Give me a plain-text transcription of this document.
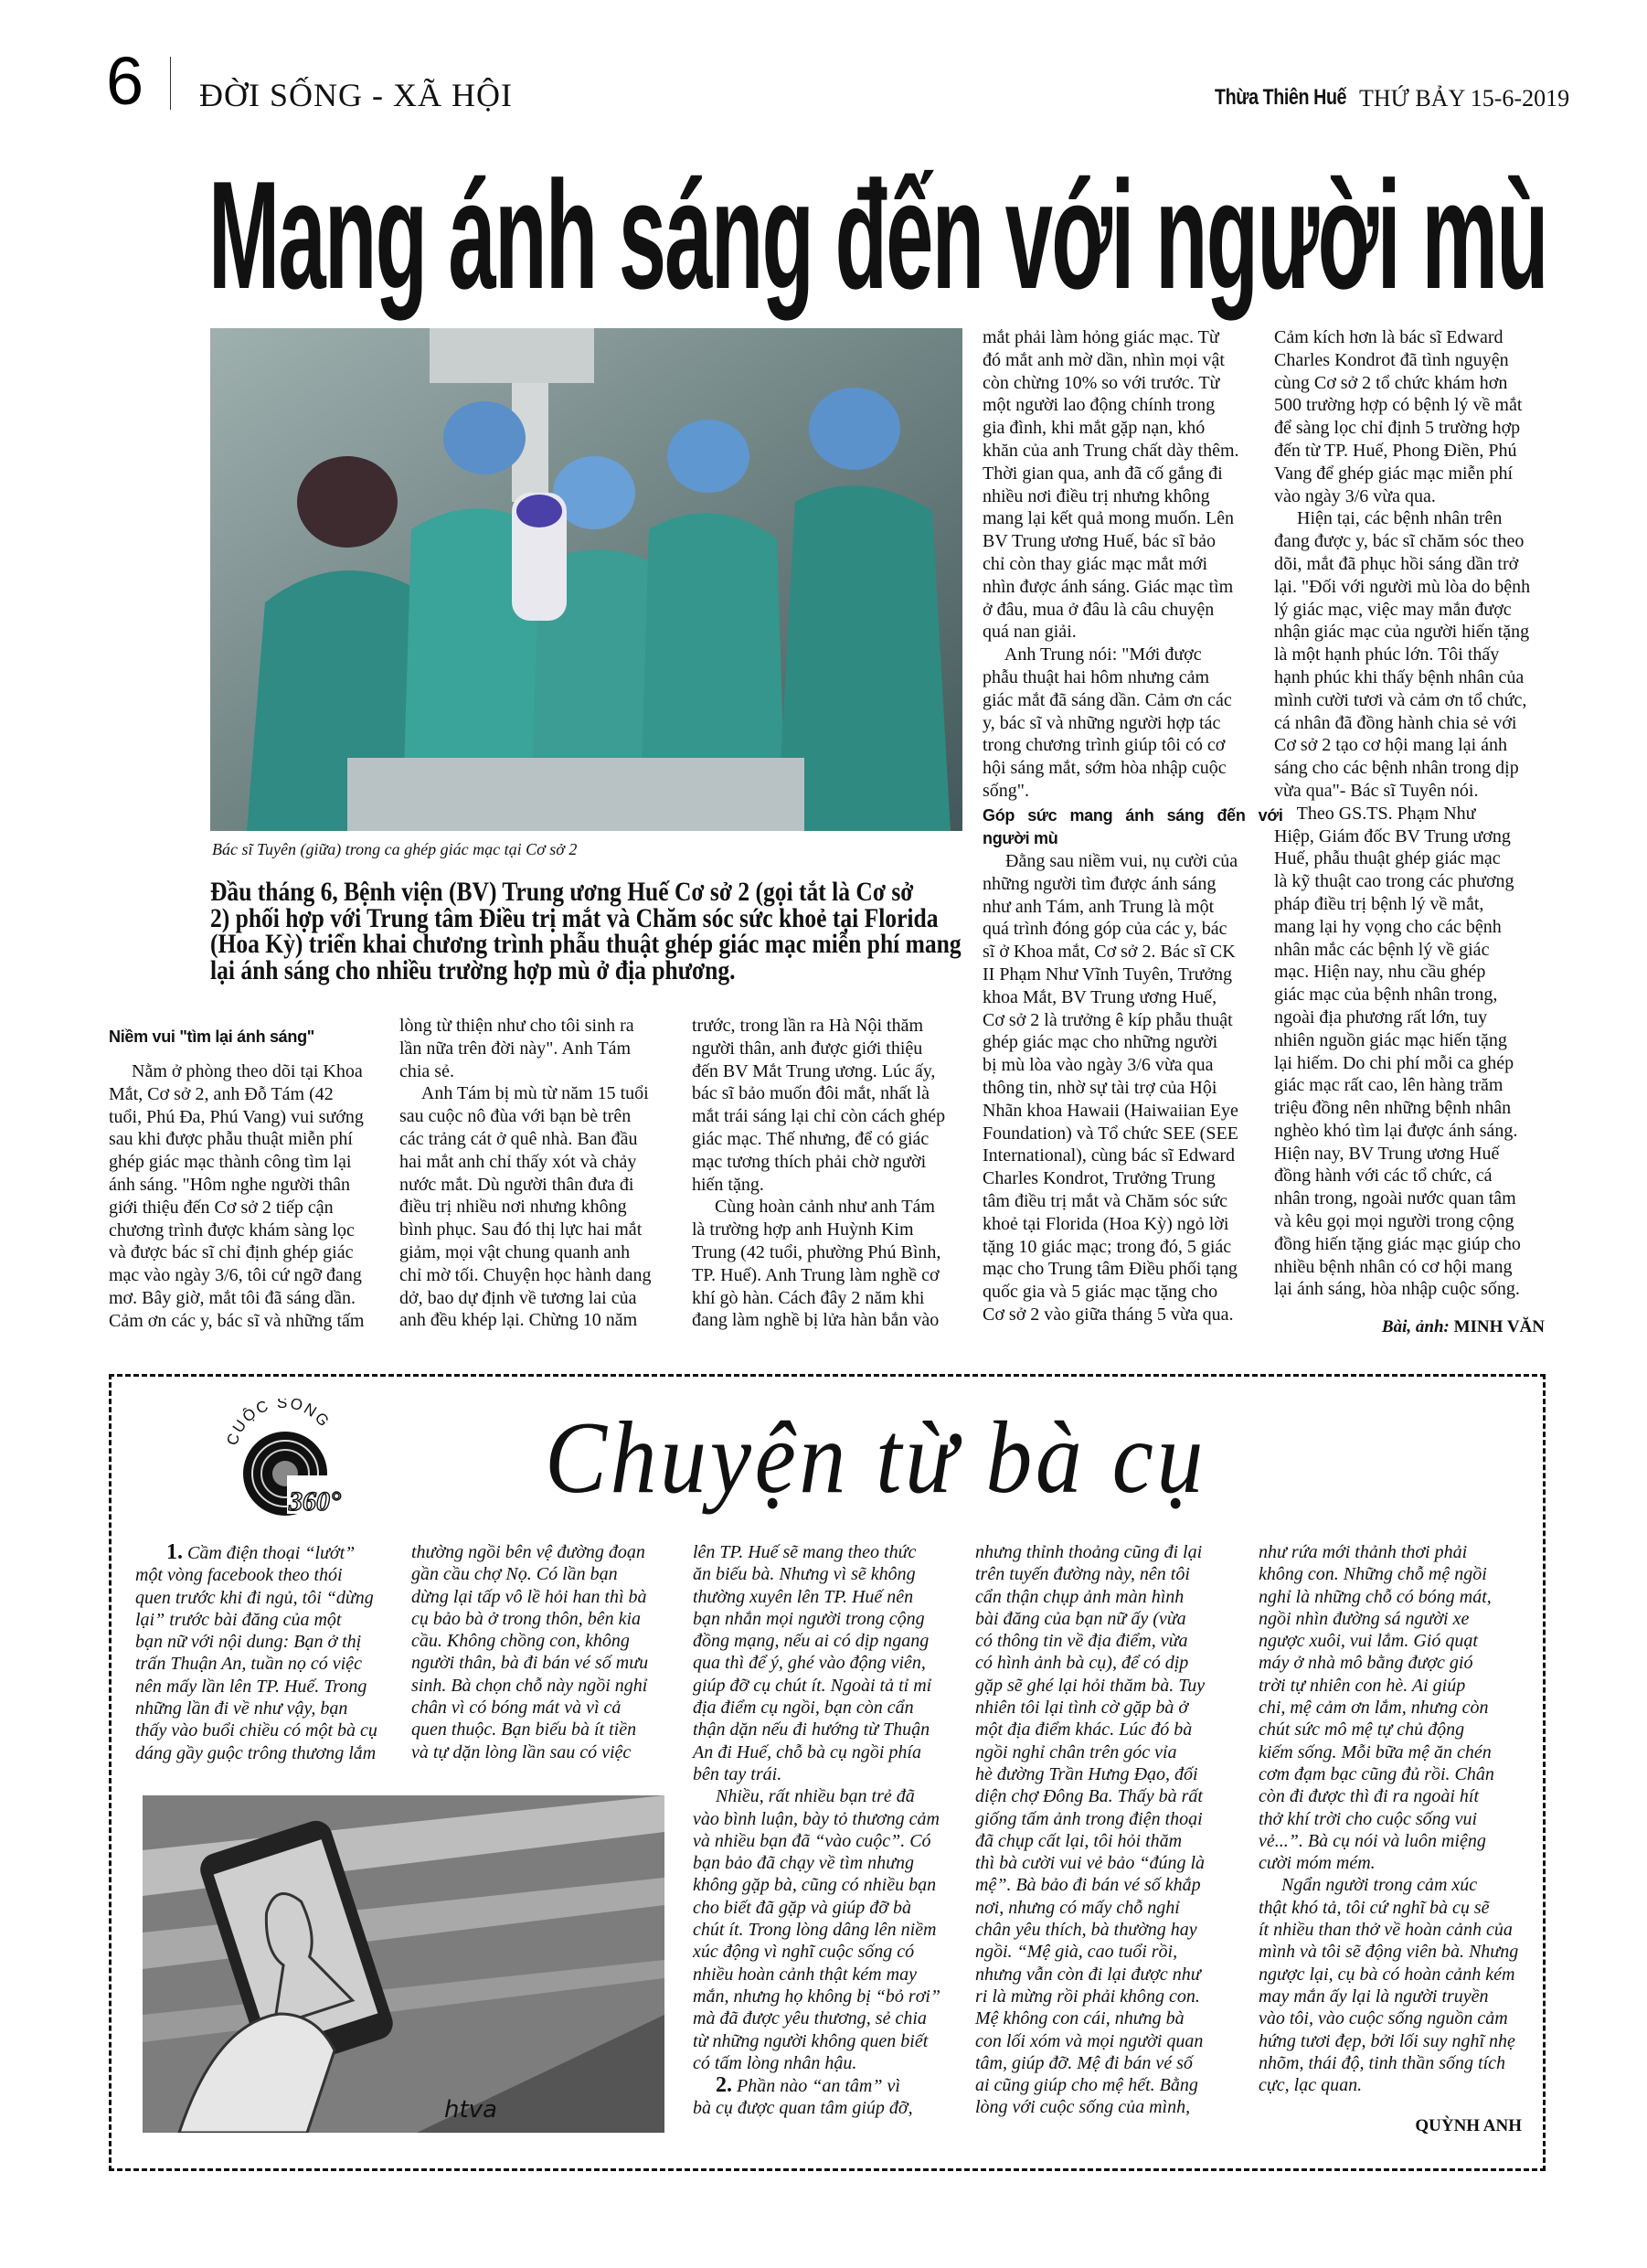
6 ĐỜI SỐNG - XÃ HỘI	Thừa Thiên Huế THỨ BẢY 15-6-2019
Mang ánh sáng đến với người mù
Bác sĩ Tuyên (giữa) trong ca ghép giác mạc tại Cơ sở 2
Đầu tháng 6, Bệnh viện (BV) Trung ương Huế Cơ sở 2 (gọi tắt là Cơ sở
2) phối hợp với Trung tâm Điều trị mắt và Chăm sóc sức khoẻ tại Florida
(Hoa Kỳ) triển khai chương trình phẫu thuật ghép giác mạc miễn phí mang
lại ánh sáng cho nhiều trường hợp mù ở địa phương.
Niềm vui "tìm lại ánh sáng"
Nằm ở phòng theo dõi tại Khoa
Mắt, Cơ sở 2, anh Đỗ Tám (42
tuổi, Phú Đa, Phú Vang) vui sướng
sau khi được phẫu thuật miễn phí
ghép giác mạc thành công tìm lại
ánh sáng. "Hôm nghe người thân
giới thiệu đến Cơ sở 2 tiếp cận
chương trình được khám sàng lọc
và được bác sĩ chỉ định ghép giác
mạc vào ngày 3/6, tôi cứ ngỡ đang
mơ. Bây giờ, mắt tôi đã sáng dần.
Cảm ơn các y, bác sĩ và những tấm
lòng từ thiện như cho tôi sinh ra
lần nữa trên đời này". Anh Tám
chia sẻ.
Anh Tám bị mù từ năm 15 tuổi
sau cuộc nô đùa với bạn bè trên
các trảng cát ở quê nhà. Ban đầu
hai mắt anh chỉ thấy xót và chảy
nước mắt. Dù người thân đưa đi
điều trị nhiều nơi nhưng không
bình phục. Sau đó thị lực hai mắt
giảm, mọi vật chung quanh anh
chỉ mờ tối. Chuyện học hành dang
dở, bao dự định về tương lai của
anh đều khép lại. Chừng 10 năm
trước, trong lần ra Hà Nội thăm
người thân, anh được giới thiệu
đến BV Mắt Trung ương. Lúc ấy,
bác sĩ bảo muốn đôi mắt, nhất là
mắt trái sáng lại chỉ còn cách ghép
giác mạc. Thế nhưng, để có giác
mạc tương thích phải chờ người
hiến tặng.
Cùng hoàn cảnh như anh Tám
là trường hợp anh Huỳnh Kim
Trung (42 tuổi, phường Phú Bình,
TP. Huế). Anh Trung làm nghề cơ
khí gò hàn. Cách đây 2 năm khi
đang làm nghề bị lửa hàn bắn vào
mắt phải làm hỏng giác mạc. Từ
đó mắt anh mờ dần, nhìn mọi vật
còn chừng 10% so với trước. Từ
một người lao động chính trong
gia đình, khi mắt gặp nạn, khó
khăn của anh Trung chất dày thêm.
Thời gian qua, anh đã cố gắng đi
nhiều nơi điều trị nhưng không
mang lại kết quả mong muốn. Lên
BV Trung ương Huế, bác sĩ bảo
chỉ còn thay giác mạc mắt mới
nhìn được ánh sáng. Giác mạc tìm
ở đâu, mua ở đâu là câu chuyện
quá nan giải.
Anh Trung nói: "Mới được
phẫu thuật hai hôm nhưng cảm
giác mắt đã sáng dần. Cảm ơn các
y, bác sĩ và những người hợp tác
trong chương trình giúp tôi có cơ
hội sáng mắt, sớm hòa nhập cuộc
sống".
Góp   sức   mang   ánh   sáng   đến   với
người mù
Đằng sau niềm vui, nụ cười của
những người tìm được ánh sáng
như anh Tám, anh Trung là một
quá trình đóng góp của các y, bác
sĩ ở Khoa mắt, Cơ sở 2. Bác sĩ CK
II Phạm Như Vĩnh Tuyên, Trưởng
khoa Mắt, BV Trung ương Huế,
Cơ sở 2 là trưởng ê kíp phẫu thuật
ghép giác mạc cho những người
bị mù lòa vào ngày 3/6 vừa qua
thông tin, nhờ sự tài trợ của Hội
Nhãn khoa Hawaii (Haiwaiian Eye
Foundation) và Tổ chức SEE (SEE
International), cùng bác sĩ Edward
Charles Kondrot, Trưởng Trung
tâm điều trị mắt và Chăm sóc sức
khoẻ tại Florida (Hoa Kỳ) ngỏ lời
tặng 10 giác mạc; trong đó, 5 giác
mạc cho Trung tâm Điều phối tạng
quốc gia và 5 giác mạc tặng cho
Cơ sở 2 vào giữa tháng 5 vừa qua.
Cảm kích hơn là bác sĩ Edward
Charles Kondrot đã tình nguyện
cùng Cơ sở 2 tổ chức khám hơn
500 trường hợp có bệnh lý về mắt
để sàng lọc chỉ định 5 trường hợp
đến từ TP. Huế, Phong Điền, Phú
Vang để ghép giác mạc miễn phí
vào ngày 3/6 vừa qua.
Hiện tại, các bệnh nhân trên
đang được y, bác sĩ chăm sóc theo
dõi, mắt đã phục hồi sáng dần trở
lại. "Đối với người mù lòa do bệnh
lý giác mạc, việc may mắn được
nhận giác mạc của người hiến tặng
là một hạnh phúc lớn. Tôi thấy
hạnh phúc khi thấy bệnh nhân của
mình cười tươi và cảm ơn tổ chức,
cá nhân đã đồng hành chia sẻ với
Cơ sở 2 tạo cơ hội mang lại ánh
sáng cho các bệnh nhân trong dịp
vừa qua"- Bác sĩ Tuyên nói.
Theo GS.TS. Phạm Như
Hiệp, Giám đốc BV Trung ương
Huế, phẫu thuật ghép giác mạc
là kỹ thuật cao trong các phương
pháp điều trị bệnh lý về mắt,
mang lại hy vọng cho các bệnh
nhân mắc các bệnh lý về giác
mạc. Hiện nay, nhu cầu ghép
giác mạc của bệnh nhân trong,
ngoài địa phương rất lớn, tuy
nhiên nguồn giác mạc hiến tặng
lại hiếm. Do chi phí mỗi ca ghép
giác mạc rất cao, lên hàng trăm
triệu đồng nên những bệnh nhân
nghèo khó tìm lại được ánh sáng.
Hiện nay, BV Trung ương Huế
đồng hành với các tổ chức, cá
nhân trong, ngoài nước quan tâm
và kêu gọi mọi người trong cộng
đồng hiến tặng giác mạc giúp cho
nhiều bệnh nhân có cơ hội mang
lại ánh sáng, hòa nhập cuộc sống.
Bài, ảnh: MINH VĂN
CUỘC SỐNG
360° Chuyện từ bà cụ
1. Cầm điện thoại “lướt”
một vòng facebook theo thói
quen trước khi đi ngủ, tôi “dừng
lại” trước bài đăng của một
bạn nữ với nội dung: Bạn ở thị
trấn Thuận An, tuần nọ có việc
nên mấy lần lên TP. Huế. Trong
những lần đi về như vậy, bạn
thấy vào buổi chiều có một bà cụ
dáng gầy guộc trông thương lắm
thường ngồi bên vệ đường đoạn
gần cầu chợ Nọ. Có lần bạn
dừng lại tấp vô lề hỏi han thì bà
cụ bảo bà ở trong thôn, bên kia
cầu. Không chồng con, không
người thân, bà đi bán vé số mưu
sinh. Bà chọn chỗ này ngồi nghỉ
chân vì có bóng mát và vì cả
quen thuộc. Bạn biếu bà ít tiền
và tự dặn lòng lần sau có việc
lên TP. Huế sẽ mang theo thức
ăn biếu bà. Nhưng vì sẽ không
thường xuyên lên TP. Huế nên
bạn nhắn mọi người trong cộng
đồng mạng, nếu ai có dịp ngang
qua thì để ý, ghé vào động viên,
giúp đỡ cụ chút ít. Ngoài tả tỉ mỉ
địa điểm cụ ngồi, bạn còn cẩn
thận dặn nếu đi hướng từ Thuận
An đi Huế, chỗ bà cụ ngồi phía
bên tay trái.
Nhiều, rất nhiều bạn trẻ đã
vào bình luận, bày tỏ thương cảm
và nhiều bạn đã “vào cuộc”. Có
bạn bảo đã chạy về tìm nhưng
không gặp bà, cũng có nhiều bạn
cho biết đã gặp và giúp đỡ bà
chút ít. Trong lòng dâng lên niềm
xúc động vì nghĩ cuộc sống có
nhiều hoàn cảnh thật kém may
mắn, nhưng họ không bị “bỏ rơi”
mà đã được yêu thương, sẻ chia
từ những người không quen biết
có tấm lòng nhân hậu.
2. Phần nào “an tâm” vì
bà cụ được quan tâm giúp đỡ,
nhưng thỉnh thoảng cũng đi lại
trên tuyến đường này, nên tôi
cẩn thận chụp ảnh màn hình
bài đăng của bạn nữ ấy (vừa
có thông tin về địa điểm, vừa
có hình ảnh bà cụ), để có dịp
gặp sẽ ghé lại hỏi thăm bà. Tuy
nhiên tôi lại tình cờ gặp bà ở
một địa điểm khác. Lúc đó bà
ngồi nghỉ chân trên góc vỉa
hè đường Trần Hưng Đạo, đối
diện chợ Đông Ba. Thấy bà rất
giống tấm ảnh trong điện thoại
đã chụp cất lại, tôi hỏi thăm
thì bà cười vui vẻ bảo “đúng là
mệ”. Bà bảo đi bán vé số khắp
nơi, nhưng có mấy chỗ nghỉ
chân yêu thích, bà thường hay
ngồi. “Mệ già, cao tuổi rồi,
nhưng vẫn còn đi lại được như
ri là mừng rồi phải không con.
Mệ không con cái, nhưng bà
con lối xóm và mọi người quan
tâm, giúp đỡ. Mệ đi bán vé số
ai cũng giúp cho mệ hết. Bằng
lòng với cuộc sống của mình,
như rứa mới thảnh thơi phải
không con. Những chỗ mệ ngồi
nghỉ là những chỗ có bóng mát,
ngồi nhìn đường sá người xe
ngược xuôi, vui lắm. Gió quạt
máy ở nhà mô bằng được gió
trời tự nhiên con hè. Ai giúp
chi, mệ cảm ơn lắm, nhưng còn
chút sức mô mệ tự chủ động
kiếm sống. Mỗi bữa mệ ăn chén
cơm đạm bạc cũng đủ rồi. Chân
còn đi được thì đi ra ngoài hít
thở khí trời cho cuộc sống vui
vẻ...”. Bà cụ nói và luôn miệng
cười móm mém.
Ngẩn người trong cảm xúc
thật khó tả, tôi cứ nghĩ bà cụ sẽ
ít nhiều than thở về hoàn cảnh của
mình và tôi sẽ động viên bà. Nhưng
ngược lại, cụ bà có hoàn cảnh kém
may mắn ấy lại là người truyền
vào tôi, vào cuộc sống nguồn cảm
hứng tươi đẹp, bởi lối suy nghĩ nhẹ
nhõm, thái độ, tinh thần sống tích
cực, lạc quan.
QUỲNH ANH
htva
